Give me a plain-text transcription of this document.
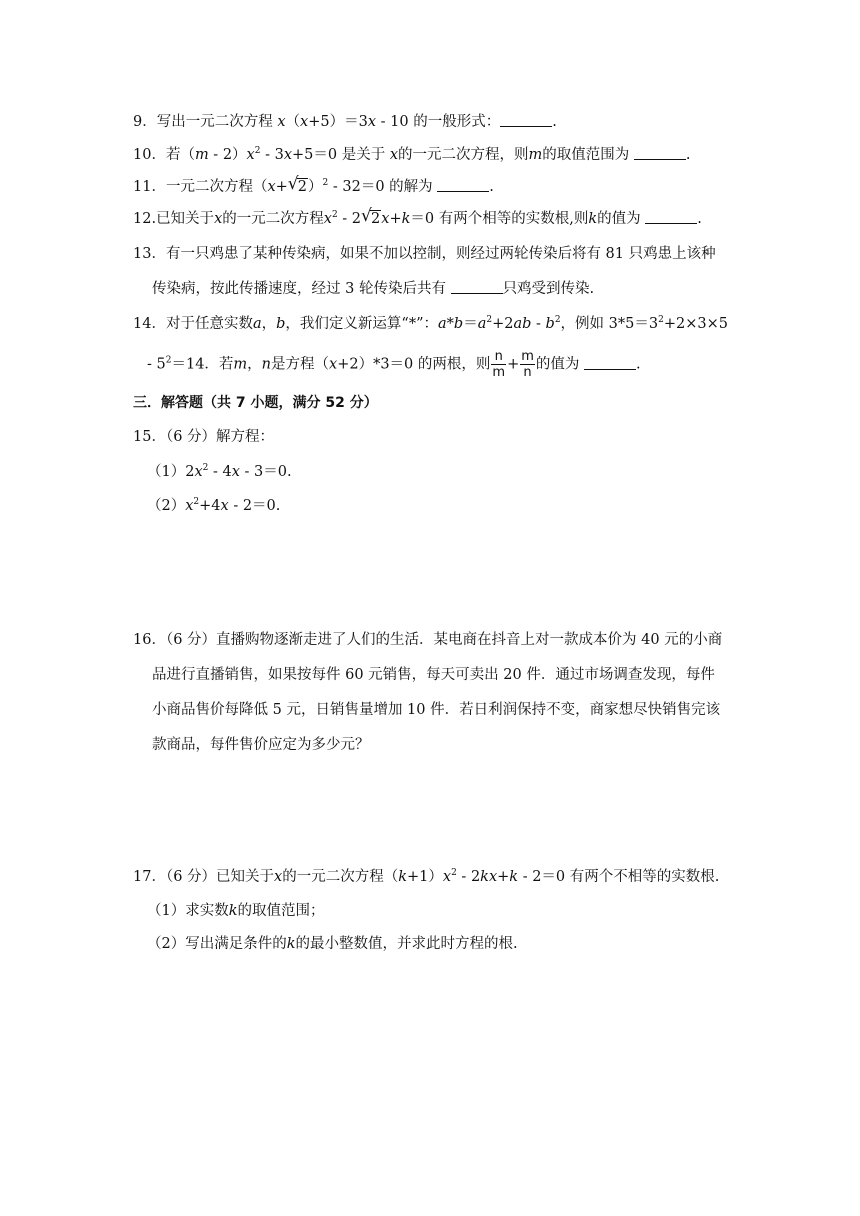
9．写出一元二次方程 x（x+5）＝3x - 10 的一般形式：	.
10．若$(m - 2)x^2 - 3x+5=0$ 是关于 x的一元二次方程，则m的取值范围为	.
11．一元二次方程（x+ √ 2）$^2$ - 32＝0 的解为	.
12.已知关于x的一元二次方程$x^2 - 2$ √ 2x+k＝0 有两个相等的实数根,则k的值为	.
13．有一只鸡患了某种传染病，如果不加以控制，则经过两轮传染后将有 81 只鸡患上该种
传染病，按此传播速度，经过 3 轮传染后共有	只鸡受到传染.
14．对于任意实数a，b，我们定义新运算“*”：$a*b=a^2+2ab - b^2$，例如 $3*5=3^2+2\times 3\times 5$
- $5^2=14$．若m，n是方程（x+2）*3＝0 的两根，则 $\frac{n}{m} + \frac{m}{n}$ 的值为	.
三．解答题（共 7 小题，满分 52 分）
15．（6 分）解方程：
$(1)2x^2 - 4x - 3=0$.
$(2)x^2+4x - 2=0$.
16．（6 分）直播购物逐渐走进了人们的生活．某电商在抖音上对一款成本价为 40 元的小商
品进行直播销售，如果按每件 60 元销售，每天可卖出 20 件．通过市场调查发现，每件
小商品售价每降低 5 元，日销售量增加 10 件．若日利润保持不变，商家想尽快销售完该
款商品，每件售价应定为多少元？
17．（6 分）已知关于x的一元二次方程$(k+1)x^2 - 2kx+k - 2=0$ 有两个不相等的实数根.
（1）求实数k的取值范围；
（2）写出满足条件的k的最小整数值，并求此时方程的根.
